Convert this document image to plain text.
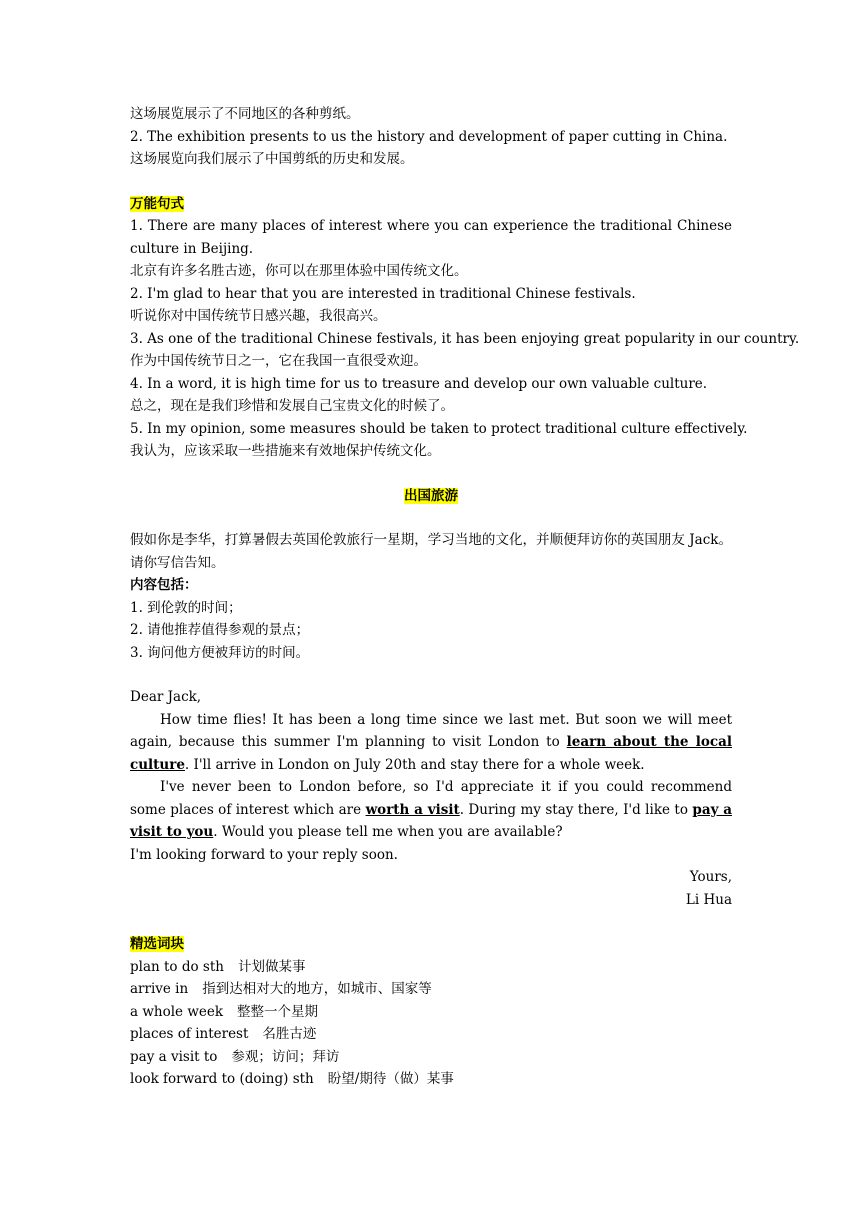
这场展览展示了不同地区的各种剪纸。
2. The exhibition presents to us the history and development of paper cutting in China.
这场展览向我们展示了中国剪纸的历史和发展。
万能句式
1. There are many places of interest where you can experience the traditional Chinese culture in Beijing.
北京有许多名胜古迹，你可以在那里体验中国传统文化。
2. I'm glad to hear that you are interested in traditional Chinese festivals.
听说你对中国传统节日感兴趣，我很高兴。
3. As one of the traditional Chinese festivals, it has been enjoying great popularity in our country.
作为中国传统节日之一，它在我国一直很受欢迎。
4. In a word, it is high time for us to treasure and develop our own valuable culture.
总之，现在是我们珍惜和发展自己宝贵文化的时候了。
5. In my opinion, some measures should be taken to protect traditional culture effectively.
我认为，应该采取一些措施来有效地保护传统文化。
出国旅游
假如你是李华，打算暑假去英国伦敦旅行一星期，学习当地的文化，并顺便拜访你的英国朋友 Jack。请你写信告知。
内容包括：
1. 到伦敦的时间；
2. 请他推荐值得参观的景点；
3. 询问他方便被拜访的时间。
Dear Jack,
How time flies! It has been a long time since we last met. But soon we will meet again, because this summer I'm planning to visit London to learn about the local culture. I'll arrive in London on July 20th and stay there for a whole week.
I've never been to London before, so I'd appreciate it if you could recommend some places of interest which are worth a visit. During my stay there, I'd like to pay a visit to you. Would you please tell me when you are available?
I'm looking forward to your reply soon.
Yours,
Li Hua
精选词块
plan to do sth 计划做某事
arrive in 指到达相对大的地方，如城市、国家等
a whole week 整整一个星期
places of interest 名胜古迹
pay a visit to 参观；访问；拜访
look forward to (doing) sth 盼望/期待（做）某事
